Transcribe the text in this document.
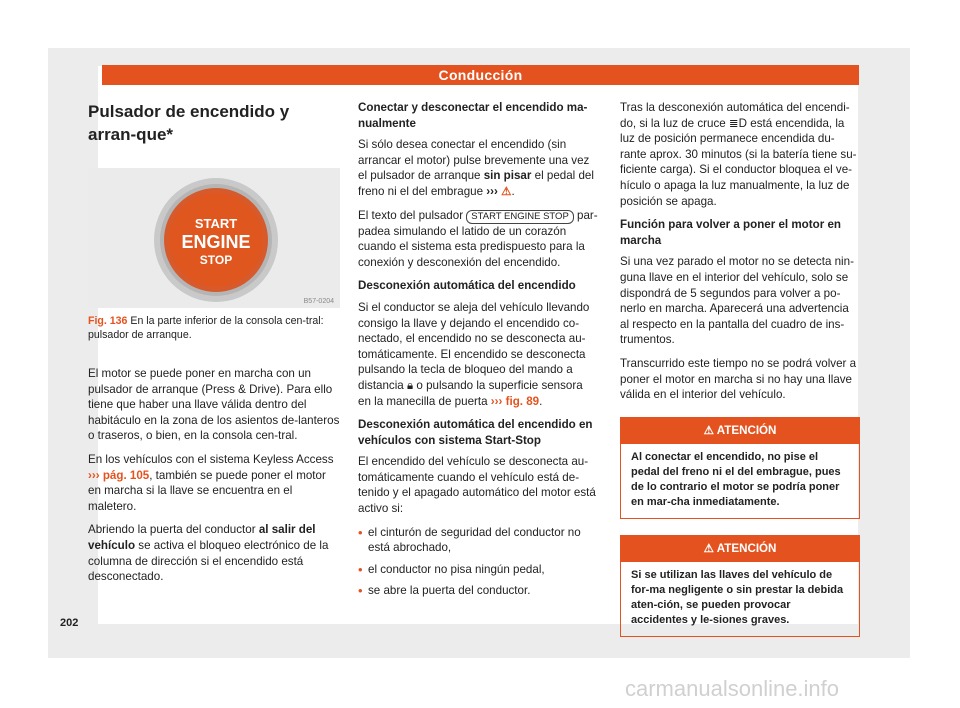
Conducción
Pulsador de encendido y arran-que*
START
ENGINE
STOP
B57-0204
Fig. 136 En la parte inferior de la consola cen-tral: pulsador de arranque.

El motor se puede poner en marcha con un pulsador de arranque (Press & Drive). Para ello tiene que haber una llave válida dentro del habitáculo en la zona de los asientos de-lanteros o traseros, o bien, en la consola cen-tral.

En los vehículos con el sistema Keyless Access ››› pág. 105, también se puede poner el motor en marcha si la llave se encuentra en el maletero.

Abriendo la puerta del conductor al salir del vehículo se activa el bloqueo electrónico de la columna de dirección si el encendido está desconectado.

Conectar y desconectar el encendido ma-nualmente

Si sólo desea conectar el encendido (sin arrancar el motor) pulse brevemente una vez el pulsador de arranque sin pisar el pedal del freno ni el del embrague ››› ⚠.

El texto del pulsador START ENGINE STOP par-padea simulando el latido de un corazón cuando el sistema esta predispuesto para la conexión y desconexión del encendido.

Desconexión automática del encendido

Si el conductor se aleja del vehículo llevando consigo la llave y dejando el encendido co-nectado, el encendido no se desconecta au-tomáticamente. El encendido se desconecta pulsando la tecla de bloqueo del mando a distancia 🔒︎ o pulsando la superficie sensora en la manecilla de puerta ››› fig. 89.

Desconexión automática del encendido en vehículos con sistema Start-Stop

El encendido del vehículo se desconecta au-tomáticamente cuando el vehículo está de-tenido y el apagado automático del motor está activo si:

• el cinturón de seguridad del conductor no está abrochado,
• el conductor no pisa ningún pedal,
• se abre la puerta del conductor.

Tras la desconexión automática del encendi-do, si la luz de cruce ≣D está encendida, la luz de posición permanece encendida du-rante aprox. 30 minutos (si la batería tiene su-ficiente carga). Si el conductor bloquea el ve-hículo o apaga la luz manualmente, la luz de posición se apaga.

Función para volver a poner el motor en marcha

Si una vez parado el motor no se detecta nin-guna llave en el interior del vehículo, solo se dispondrá de 5 segundos para volver a po-nerlo en marcha. Aparecerá una advertencia al respecto en la pantalla del cuadro de ins-trumentos.

Transcurrido este tiempo no se podrá volver a poner el motor en marcha si no hay una llave válida en el interior del vehículo.

⚠ ATENCIÓN
Al conectar el encendido, no pise el pedal del freno ni el del embrague, pues de lo contrario el motor se podría poner en mar-cha inmediatamente.
⚠ ATENCIÓN
Si se utilizan las llaves del vehículo de for-ma negligente o sin prestar la debida aten-ción, se pueden provocar accidentes y le-siones graves.
202
carmanualsonline.info
